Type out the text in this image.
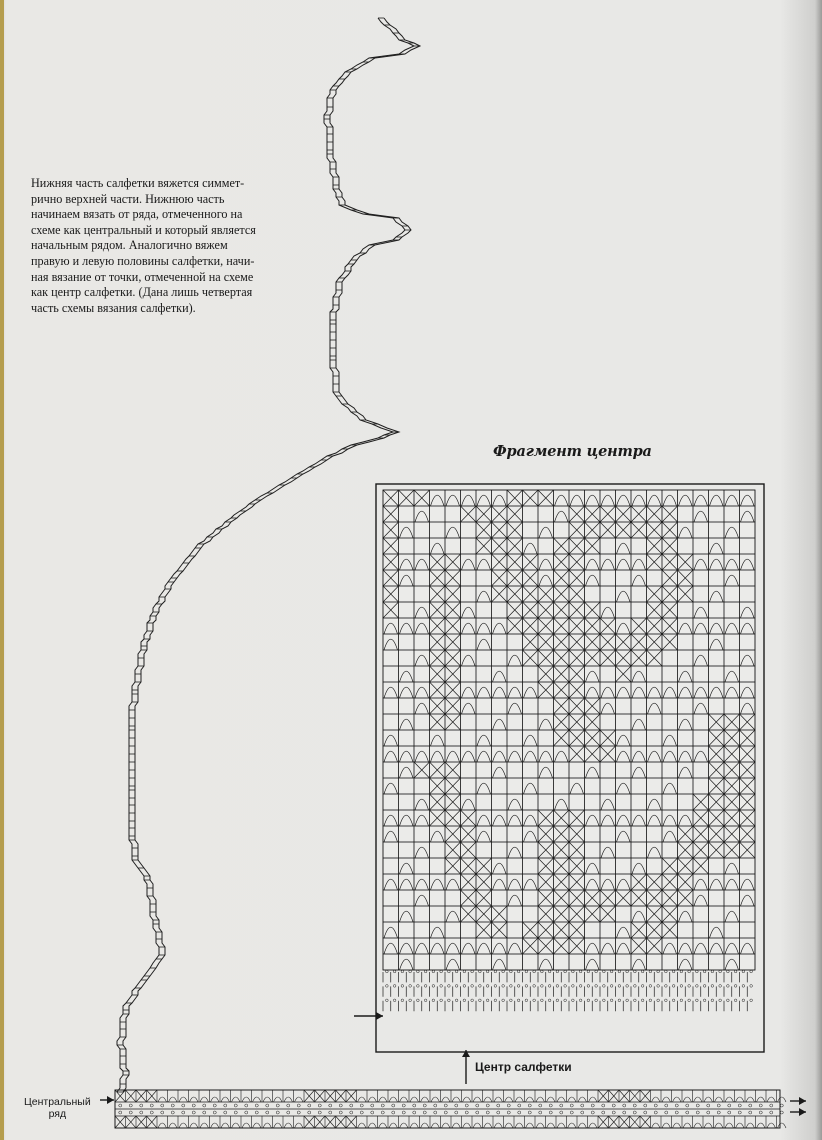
Нижняя часть салфетки вяжется симмет-
рично верхней части. Нижнюю часть
начинаем вязать от ряда, отмеченного на
схеме как центральный и который является
начальным рядом. Аналогично вяжем
правую и левую половины салфетки, начи-
ная вязание от точки, отмеченной на схеме
как центр салфетки. (Дана лишь четвертая
часть схемы вязания салфетки).
Фрагмент центра
Центр салфетки
Центральный
ряд
